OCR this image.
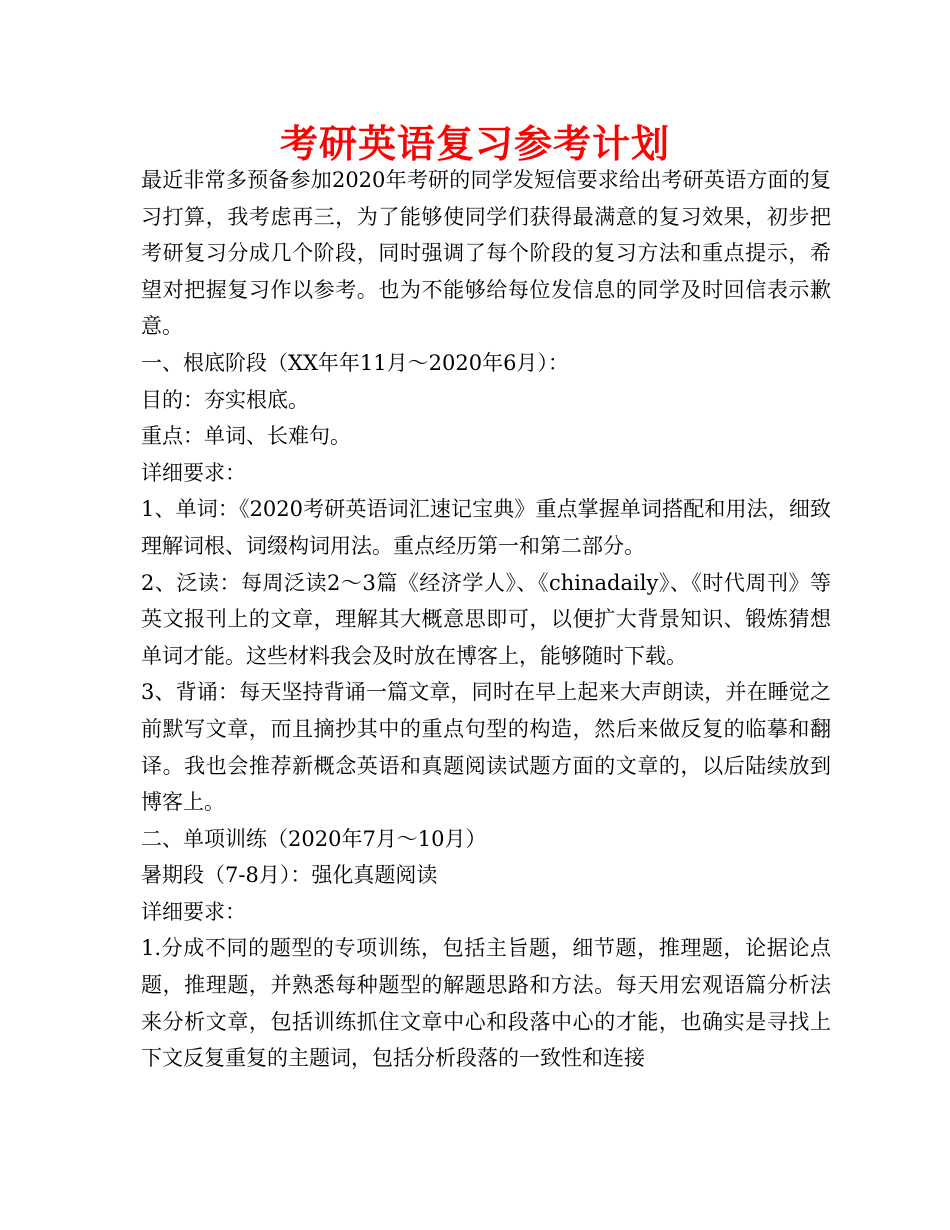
考研英语复习参考计划

最近非常多预备参加2020年考研的同学发短信要求给出考研英语方面的复习打算，我考虑再三，为了能够使同学们获得最满意的复习效果，初步把考研复习分成几个阶段，同时强调了每个阶段的复习方法和重点提示，希望对把握复习作以参考。也为不能够给每位发信息的同学及时回信表示歉意。

一、根底阶段（XX年年11月～2020年6月）：

目的：夯实根底。

重点：单词、长难句。

详细要求：

1、单词：《2020考研英语词汇速记宝典》重点掌握单词搭配和用法，细致理解词根、词缀构词用法。重点经历第一和第二部分。

2、泛读：每周泛读2～3篇《经济学人》、《chinadaily》、《时代周刊》等英文报刊上的文章，理解其大概意思即可，以便扩大背景知识、锻炼猜想单词才能。这些材料我会及时放在博客上，能够随时下载。

3、背诵：每天坚持背诵一篇文章，同时在早上起来大声朗读，并在睡觉之前默写文章，而且摘抄其中的重点句型的构造，然后来做反复的临摹和翻译。我也会推荐新概念英语和真题阅读试题方面的文章的，以后陆续放到博客上。

二、单项训练（2020年7月～10月）

暑期段（7-8月）：强化真题阅读

详细要求：

1.分成不同的题型的专项训练，包括主旨题，细节题，推理题，论据论点题，推理题，并熟悉每种题型的解题思路和方法。每天用宏观语篇分析法来分析文章，包括训练抓住文章中心和段落中心的才能，也确实是寻找上下文反复重复的主题词，包括分析段落的一致性和连接
